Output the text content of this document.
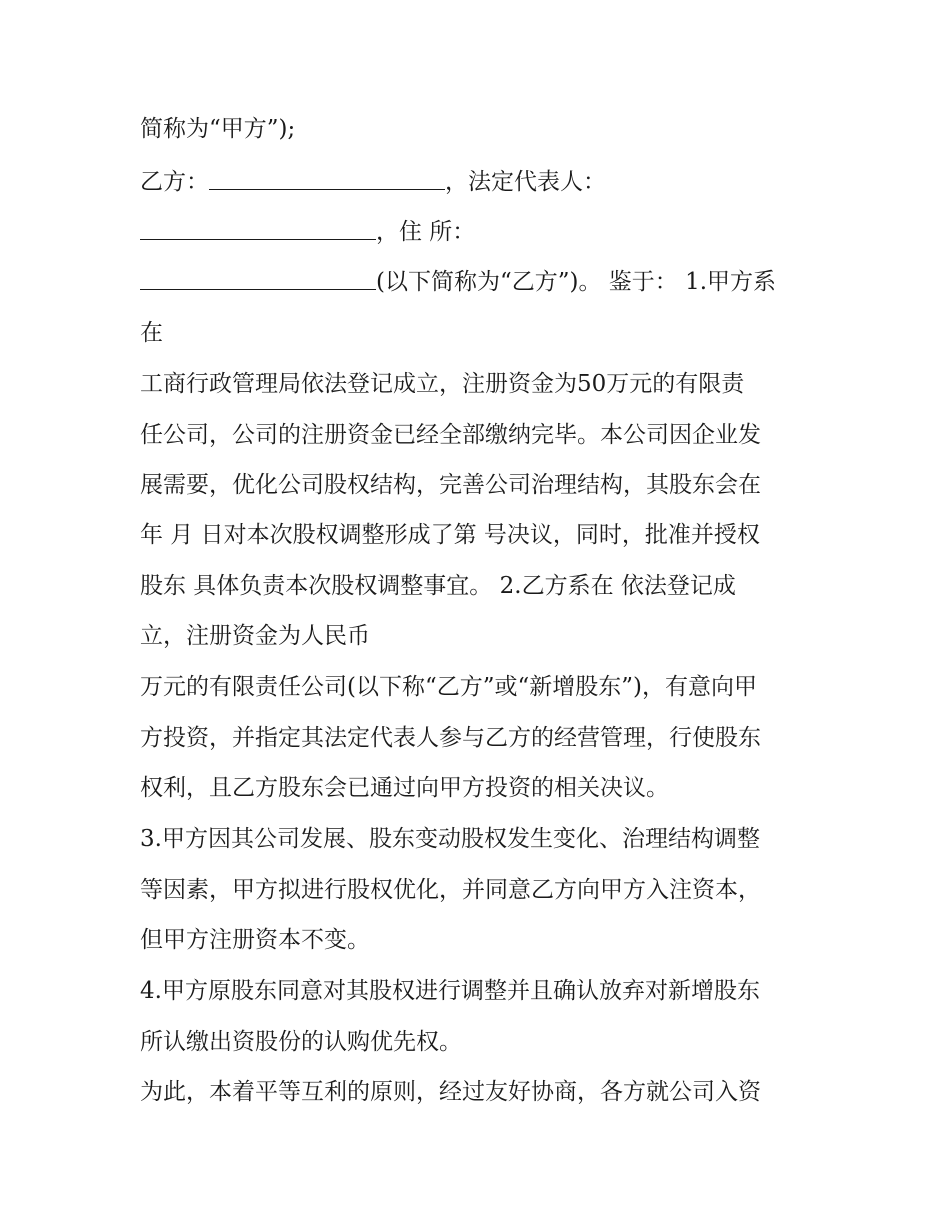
简称为“甲方”);
乙方：	，法定代表人：
，住 所：
(以下简称为“乙方”)。 鉴于： 1.甲方系
在
工商行政管理局依法登记成立，注册资金为50万元的有限责
任公司，公司的注册资金已经全部缴纳完毕。本公司因企业发
展需要，优化公司股权结构，完善公司治理结构，其股东会在
年 月 日对本次股权调整形成了第 号决议，同时，批准并授权
股东 具体负责本次股权调整事宜。 2.乙方系在 依法登记成
立，注册资金为人民币
万元的有限责任公司(以下称“乙方”或“新增股东”)，有意向甲
方投资，并指定其法定代表人参与乙方的经营管理，行使股东
权利，且乙方股东会已通过向甲方投资的相关决议。
3.甲方因其公司发展、股东变动股权发生变化、治理结构调整
等因素，甲方拟进行股权优化，并同意乙方向甲方入注资本，
但甲方注册资本不变。
4.甲方原股东同意对其股权进行调整并且确认放弃对新增股东
所认缴出资股份的认购优先权。
为此，本着平等互利的原则，经过友好协商，各方就公司入资
